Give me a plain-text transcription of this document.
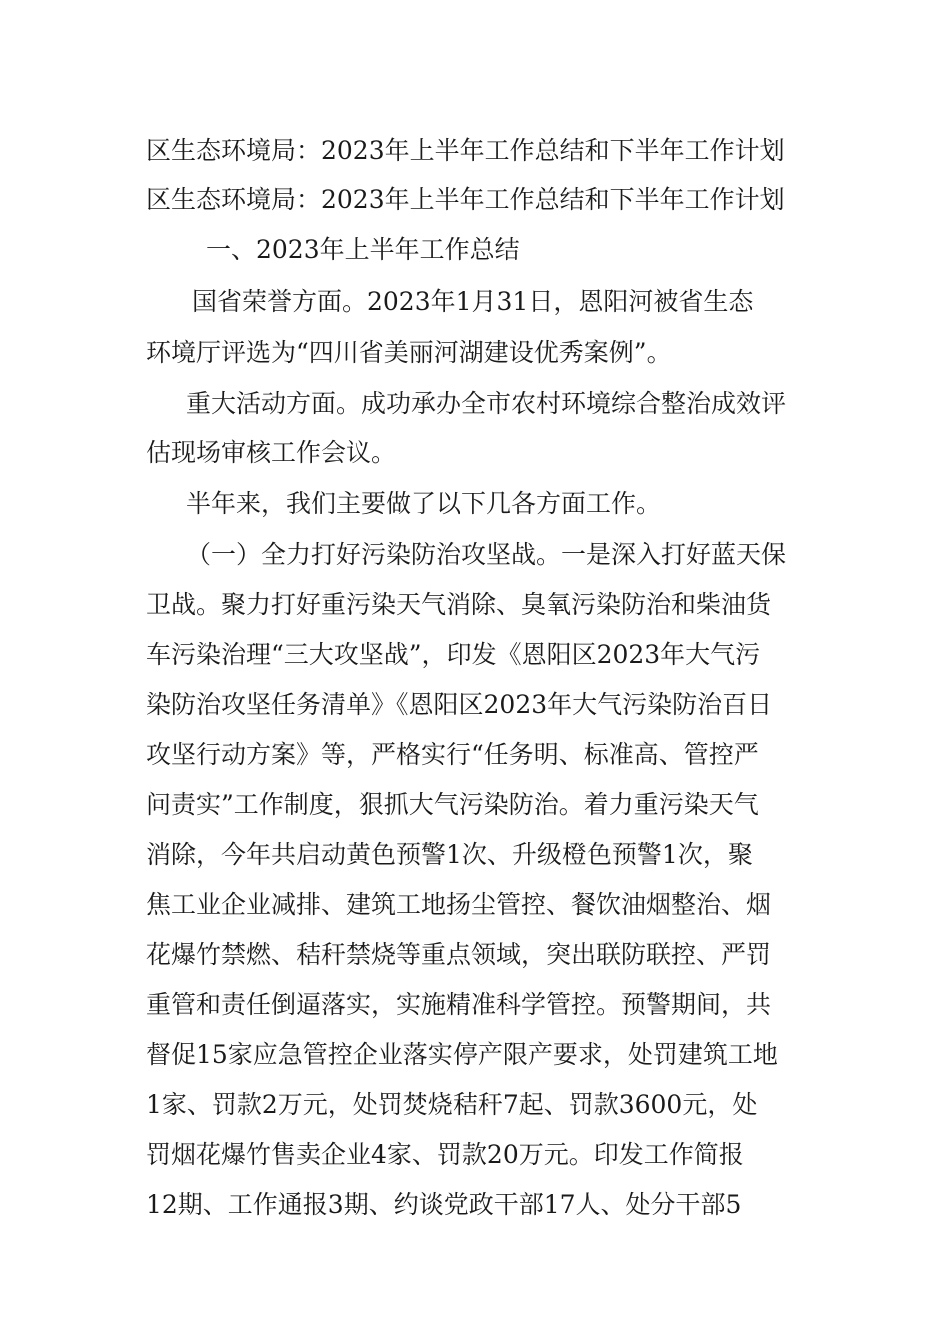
区生态环境局：2023年上半年工作总结和下半年工作计划
区生态环境局：2023年上半年工作总结和下半年工作计划
一、2023年上半年工作总结
国省荣誉方面。2023年1月31日，恩阳河被省生态
环境厅评选为“四川省美丽河湖建设优秀案例”。
重大活动方面。成功承办全市农村环境综合整治成效评
估现场审核工作会议。
半年来，我们主要做了以下几各方面工作。
（一）全力打好污染防治攻坚战。一是深入打好蓝天保
卫战。聚力打好重污染天气消除、臭氧污染防治和柴油货
车污染治理“三大攻坚战”，印发《恩阳区2023年大气污
染防治攻坚任务清单》《恩阳区2023年大气污染防治百日
攻坚行动方案》等，严格实行“任务明、标准高、管控严
问责实”工作制度，狠抓大气污染防治。着力重污染天气
消除，今年共启动黄色预警1次、升级橙色预警1次，聚
焦工业企业减排、建筑工地扬尘管控、餐饮油烟整治、烟
花爆竹禁燃、秸秆禁烧等重点领域，突出联防联控、严罚
重管和责任倒逼落实，实施精准科学管控。预警期间，共
督促15家应急管控企业落实停产限产要求，处罚建筑工地
1家、罚款2万元，处罚焚烧秸秆7起、罚款3600元，处
罚烟花爆竹售卖企业4家、罚款20万元。印发工作简报
12期、工作通报3期、约谈党政干部17人、处分干部5
